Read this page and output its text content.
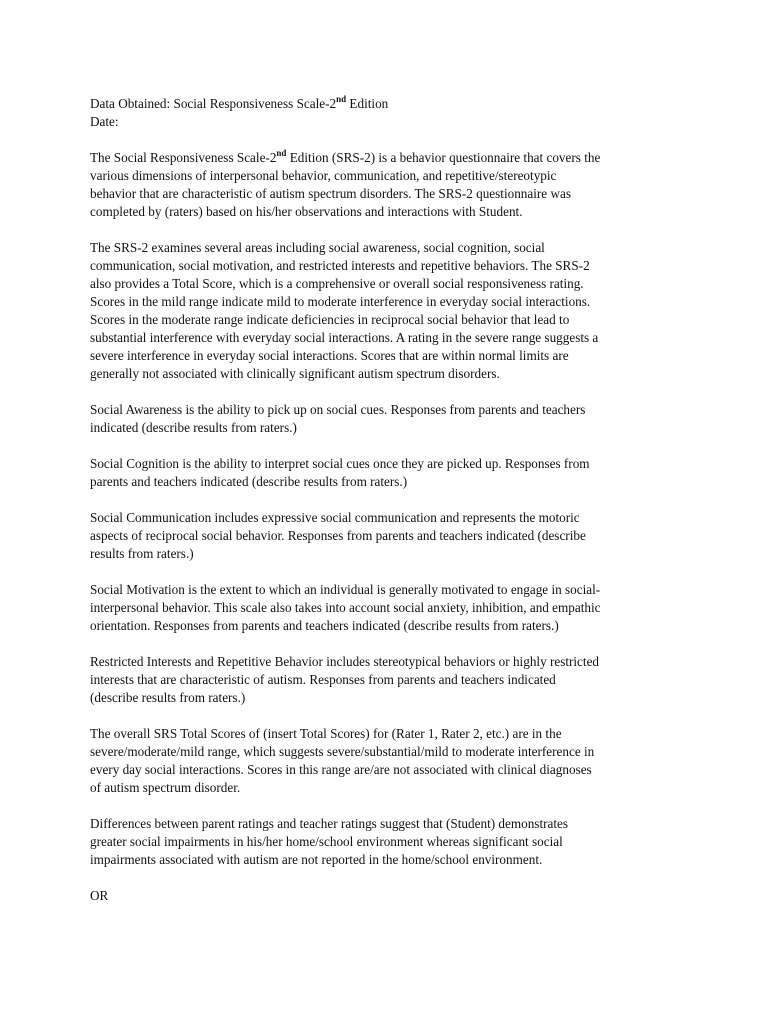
Data Obtained: Social Responsiveness Scale-2nd Edition
Date:
The Social Responsiveness Scale-2nd Edition (SRS-2) is a behavior questionnaire that covers the
various dimensions of interpersonal behavior, communication, and repetitive/stereotypic
behavior that are characteristic of autism spectrum disorders. The SRS-2 questionnaire was
completed by (raters) based on his/her observations and interactions with Student.
The SRS-2 examines several areas including social awareness, social cognition, social
communication, social motivation, and restricted interests and repetitive behaviors. The SRS-2
also provides a Total Score, which is a comprehensive or overall social responsiveness rating.
Scores in the mild range indicate mild to moderate interference in everyday social interactions.
Scores in the moderate range indicate deficiencies in reciprocal social behavior that lead to
substantial interference with everyday social interactions. A rating in the severe range suggests a
severe interference in everyday social interactions. Scores that are within normal limits are
generally not associated with clinically significant autism spectrum disorders.
Social Awareness is the ability to pick up on social cues. Responses from parents and teachers
indicated (describe results from raters.)
Social Cognition is the ability to interpret social cues once they are picked up. Responses from
parents and teachers indicated (describe results from raters.)
Social Communication includes expressive social communication and represents the motoric
aspects of reciprocal social behavior. Responses from parents and teachers indicated (describe
results from raters.)
Social Motivation is the extent to which an individual is generally motivated to engage in social-
interpersonal behavior. This scale also takes into account social anxiety, inhibition, and empathic
orientation. Responses from parents and teachers indicated (describe results from raters.)
Restricted Interests and Repetitive Behavior includes stereotypical behaviors or highly restricted
interests that are characteristic of autism. Responses from parents and teachers indicated
(describe results from raters.)
The overall SRS Total Scores of (insert Total Scores) for (Rater 1, Rater 2, etc.) are in the
severe/moderate/mild range, which suggests severe/substantial/mild to moderate interference in
every day social interactions. Scores in this range are/are not associated with clinical diagnoses
of autism spectrum disorder.
Differences between parent ratings and teacher ratings suggest that (Student) demonstrates
greater social impairments in his/her home/school environment whereas significant social
impairments associated with autism are not reported in the home/school environment.
OR
